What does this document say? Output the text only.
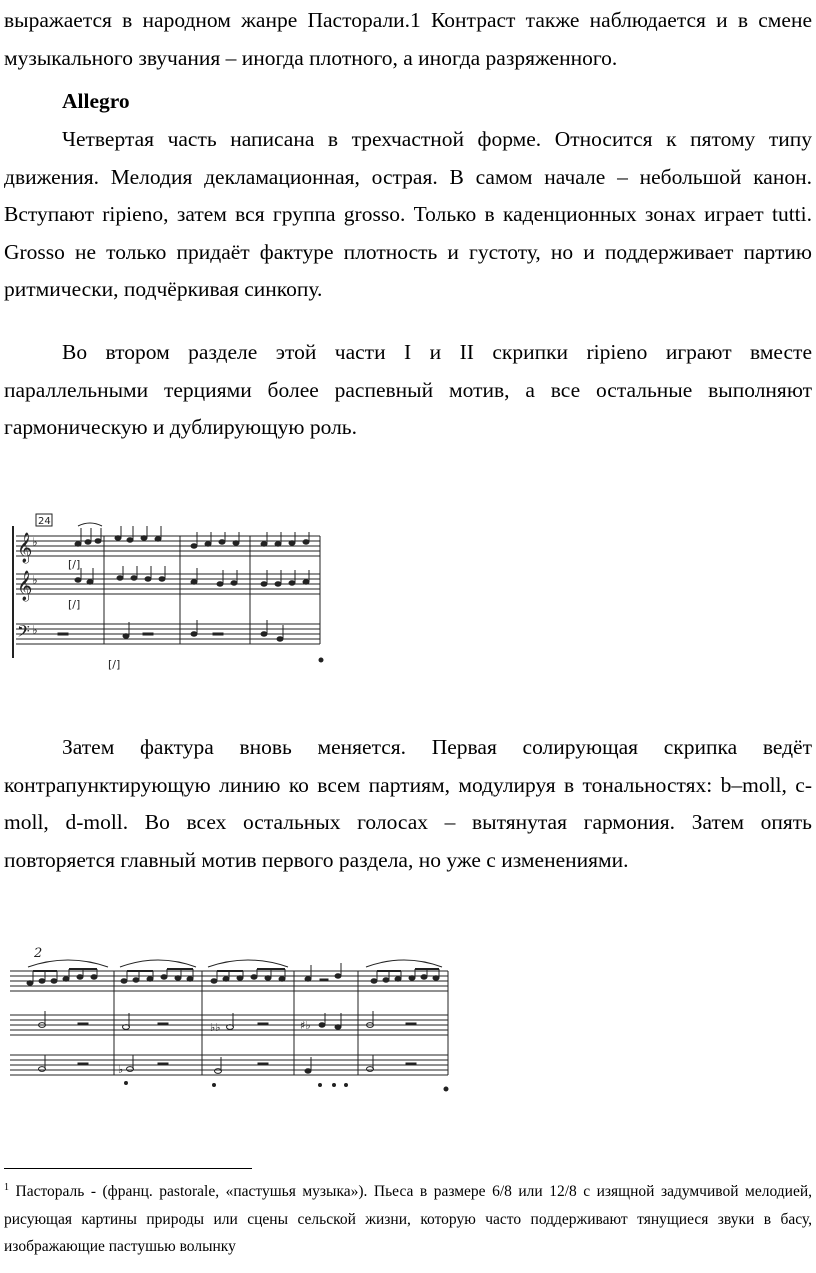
выражается в народном жанре Пасторали.1 Контраст также наблюдается и в смене музыкального звучания – иногда плотного, а иногда разряженного.

Allegro

Четвертая часть написана в трехчастной форме. Относится к пятому типу движения. Мелодия декламационная, острая. В самом начале – небольшой канон. Вступают ripieno, затем вся группа grosso. Только в каденционных зонах играет tutti. Grosso не только придаёт фактуре плотность и густоту, но и поддерживает партию ритмически, подчёркивая синкопу.

Во втором разделе этой части I и II скрипки ripieno играют вместе параллельными терциями более распевный мотив, а все остальные выполняют гармоническую и дублирующую роль.

𝄞
𝄞
𝄢
♭
♭
♭
24
[/]
[/]
[/]

Затем фактура вновь меняется. Первая солирующая скрипка ведёт контрапунктирующую линию ко всем партиям, модулируя в тональностях: b–moll, c-moll, d-moll. Во всех остальных голосах – вытянутая гармония. Затем опять повторяется главный мотив первого раздела, но уже с изменениями.

2
♭♭	♯♭
♭

$^1$ Пастораль - (франц. pastorale, «пастушья музыка»). Пьеса в размере 6/8 или 12/8 с изящной задумчивой мелодией, рисующая картины природы или сцены сельской жизни, которую часто поддерживают тянущиеся звуки в басу, изображающие пастушью волынку
